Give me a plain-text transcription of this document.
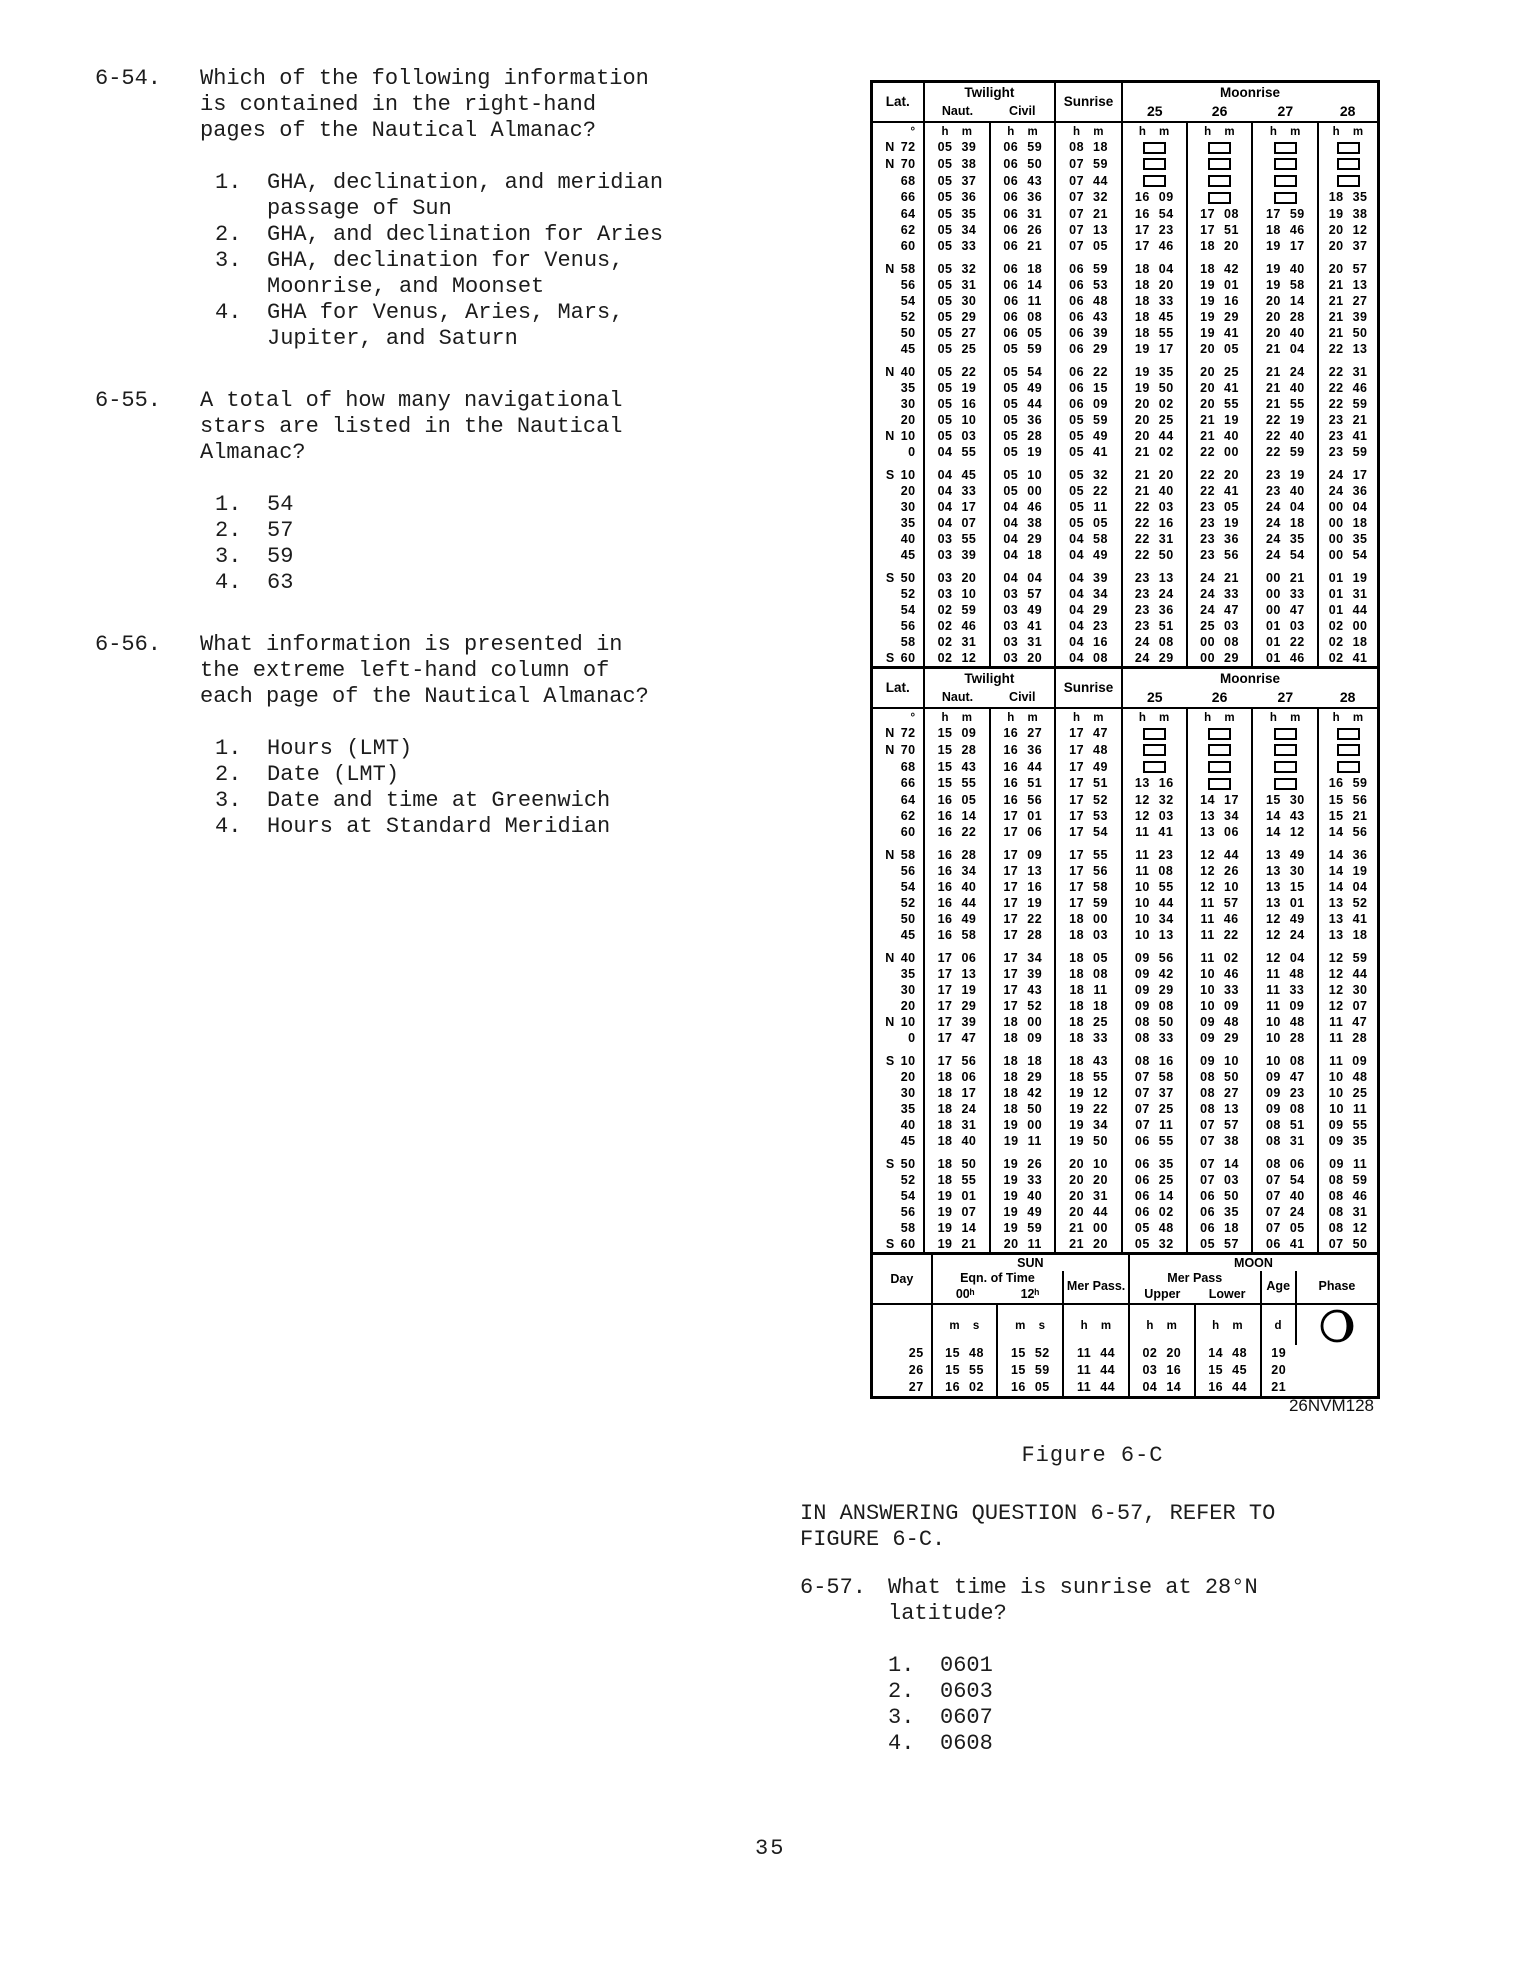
6-54.	Which of the following information
is contained in the right-hand
pages of the Nautical Almanac?
1.	GHA, declination, and meridian
passage of Sun
2.	GHA, and declination for Aries
3.	GHA, declination for Venus,
Moonrise, and Moonset
4.	GHA for Venus, Aries, Mars,
Jupiter, and Saturn
6-55.	A total of how many navigational
stars are listed in the Nautical
Almanac?
1.	54
2.	57
3.	59
4.	63
6-56.	What information is presented in
the extreme left-hand column of
each page of the Nautical Almanac?
1.	Hours (LMT)
2.	Date (LMT)
3.	Date and time at Greenwich
4.	Hours at Standard Meridian
Lat.	Twilight		Sunrise	Moonrise			
	Naut.	Civil		25	26	27	28
°	h m	h m	h m	h m	h m	h m	h m
N 72	05 39	06 59	08 18				
N 70	05 38	06 50	07 59				
68	05 37	06 43	07 44				
66	05 36	06 36	07 32	16 09			18 35
64	05 35	06 31	07 21	16 54	17 08	17 59	19 38
62	05 34	06 26	07 13	17 23	17 51	18 46	20 12
60	05 33	06 21	07 05	17 46	18 20	19 17	20 37
N 58	05 32	06 18	06 59	18 04	18 42	19 40	20 57
56	05 31	06 14	06 53	18 20	19 01	19 58	21 13
54	05 30	06 11	06 48	18 33	19 16	20 14	21 27
52	05 29	06 08	06 43	18 45	19 29	20 28	21 39
50	05 27	06 05	06 39	18 55	19 41	20 40	21 50
45	05 25	05 59	06 29	19 17	20 05	21 04	22 13
N 40	05 22	05 54	06 22	19 35	20 25	21 24	22 31
35	05 19	05 49	06 15	19 50	20 41	21 40	22 46
30	05 16	05 44	06 09	20 02	20 55	21 55	22 59
20	05 10	05 36	05 59	20 25	21 19	22 19	23 21
N 10	05 03	05 28	05 49	20 44	21 40	22 40	23 41
0	04 55	05 19	05 41	21 02	22 00	22 59	23 59
S 10	04 45	05 10	05 32	21 20	22 20	23 19	24 17
20	04 33	05 00	05 22	21 40	22 41	23 40	24 36
30	04 17	04 46	05 11	22 03	23 05	24 04	00 04
35	04 07	04 38	05 05	22 16	23 19	24 18	00 18
40	03 55	04 29	04 58	22 31	23 36	24 35	00 35
45	03 39	04 18	04 49	22 50	23 56	24 54	00 54
S 50	03 20	04 04	04 39	23 13	24 21	00 21	01 19
52	03 10	03 57	04 34	23 24	24 33	00 33	01 31
54	02 59	03 49	04 29	23 36	24 47	00 47	01 44
56	02 46	03 41	04 23	23 51	25 03	01 03	02 00
58	02 31	03 31	04 16	24 08	00 08	01 22	02 18
S 60	02 12	03 20	04 08	24 29	00 29	01 46	02 41
Lat.	Twilight		Sunrise	Moonrise			
	Naut.	Civil		25	26	27	28
°	h m	h m	h m	h m	h m	h m	h m
N 72	15 09	16 27	17 47				
N 70	15 28	16 36	17 48				
68	15 43	16 44	17 49				
66	15 55	16 51	17 51	13 16			16 59
64	16 05	16 56	17 52	12 32	14 17	15 30	15 56
62	16 14	17 01	17 53	12 03	13 34	14 43	15 21
60	16 22	17 06	17 54	11 41	13 06	14 12	14 56
N 58	16 28	17 09	17 55	11 23	12 44	13 49	14 36
56	16 34	17 13	17 56	11 08	12 26	13 30	14 19
54	16 40	17 16	17 58	10 55	12 10	13 15	14 04
52	16 44	17 19	17 59	10 44	11 57	13 01	13 52
50	16 49	17 22	18 00	10 34	11 46	12 49	13 41
45	16 58	17 28	18 03	10 13	11 22	12 24	13 18
N 40	17 06	17 34	18 05	09 56	11 02	12 04	12 59
35	17 13	17 39	18 08	09 42	10 46	11 48	12 44
30	17 19	17 43	18 11	09 29	10 33	11 33	12 30
20	17 29	17 52	18 18	09 08	10 09	11 09	12 07
N 10	17 39	18 00	18 25	08 50	09 48	10 48	11 47
0	17 47	18 09	18 33	08 33	09 29	10 28	11 28
S 10	17 56	18 18	18 43	08 16	09 10	10 08	11 09
20	18 06	18 29	18 55	07 58	08 50	09 47	10 48
30	18 17	18 42	19 12	07 37	08 27	09 23	10 25
35	18 24	18 50	19 22	07 25	08 13	09 08	10 11
40	18 31	19 00	19 34	07 11	07 57	08 51	09 55
45	18 40	19 11	19 50	06 55	07 38	08 31	09 35
S 50	18 50	19 26	20 10	06 35	07 14	08 06	09 11
52	18 55	19 33	20 20	06 25	07 03	07 54	08 59
54	19 01	19 40	20 31	06 14	06 50	07 40	08 46
56	19 07	19 49	20 44	06 02	06 35	07 24	08 31
58	19 14	19 59	21 00	05 48	06 18	07 05	08 12
S 60	19 21	20 11	21 20	05 32	05 57	06 41	07 50
Day	SUN			MOON			
	Eqn. of Time		Mer Pass.	Mer Pass		Age	Phase
	00ʰ	12ʰ		Upper	Lower		
	m s	m s	h m	h m	h m	d	

25	15 48	15 52	11 44	02 20	14 48	19	
26	15 55	15 59	11 44	03 16	15 45	20	
27	16 02	16 05	11 44	04 14	16 44	21	
26NVM128
Figure 6-C
IN ANSWERING QUESTION 6-57, REFER TO
FIGURE 6-C.
6-57. What time is sunrise at 28°N
latitude?
1.	0601
2.	0603
3.	0607
4.	0608
35
